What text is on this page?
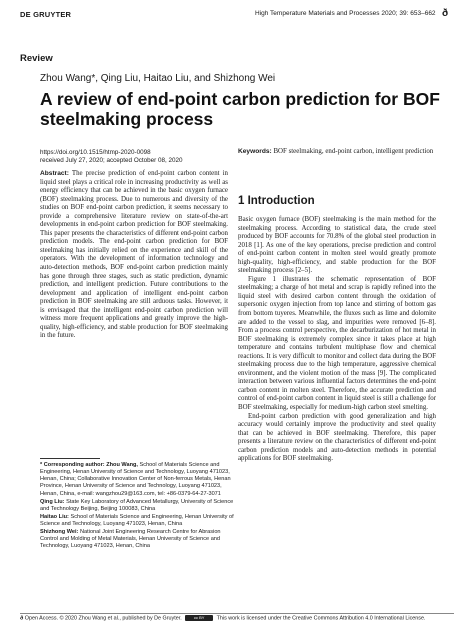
DE GRUYTER	High Temperature Materials and Processes 2020; 39: 653–662 ð
Review
Zhou Wang*, Qing Liu, Haitao Liu, and Shizhong Wei
A review of end-point carbon prediction for BOF steelmaking process
https://doi.org/10.1515/htmp-2020-0098
received July 27, 2020; accepted October 08, 2020
Keywords: BOF steelmaking, end-point carbon, intelligent prediction
Abstract: The precise prediction of end-point carbon content in liquid steel plays a critical role in increasing productivity as well as energy efficiency that can be achieved in the basic oxygen furnace (BOF) steelmaking process. Due to numerous and diversity of the studies on BOF end-point carbon prediction, it seems necessary to provide a comprehensive literature review on state-of-the-art developments in end-point carbon prediction for BOF steelmaking. This paper presents the characteristics of different end-point carbon prediction models. The end-point carbon prediction for BOF steelmaking has initially relied on the experience and skill of the operators. With the development of information technology and auto-detection methods, BOF end-point carbon prediction mainly has gone through three stages, such as static prediction, dynamic prediction, and intelligent prediction. Future contributions to the development and application of intelligent end-point carbon prediction in BOF steelmaking are still arduous tasks. However, it is envisaged that the intelligent end-point carbon prediction will witness more frequent applications and greatly improve the high-quality, high-efficiency, and stable production for BOF steelmaking in the future.
* Corresponding author: Zhou Wang, School of Materials Science and Engineering, Henan University of Science and Technology, Luoyang 471023, Henan, China; Collaborative Innovation Center of Non-ferrous Metals, Henan Province, Henan University of Science and Technology, Luoyang 471023, Henan, China, e-mail: wangzhou29@163.com, tel: +86-0379-64-27-3071
Qing Liu: State Key Laboratory of Advanced Metallurgy, University of Science and Technology Beijing, Beijing 100083, China
Haitao Liu: School of Materials Science and Engineering, Henan University of Science and Technology, Luoyang 471023, Henan, China
Shizhong Wei: National Joint Engineering Research Centre for Abrasion Control and Molding of Metal Materials, Henan University of Science and Technology, Luoyang 471023, Henan, China
1 Introduction

Basic oxygen furnace (BOF) steelmaking is the main method for the steelmaking process. According to statistical data, the crude steel produced by BOF accounts for 70.8% of the global steel production in 2018 [1]. As one of the key operations, precise prediction and control of end-point carbon content in molten steel would greatly promote high-quality, high-efficiency, and stable production for the BOF steelmaking process [2–5].

Figure 1 illustrates the schematic representation of BOF steelmaking; a charge of hot metal and scrap is rapidly refined into the liquid steel with desired carbon content through the oxidation of supersonic oxygen injection from top lance and stirring of bottom gas from bottom tuyeres. Meanwhile, the fluxes such as lime and dolomite are added to the vessel to slag, and impurities were removed [6–8]. From a process control perspective, the decarburization of hot metal in BOF steelmaking is extremely complex since it takes place at high temperature and contains turbulent multiphase flow and chemical reactions. It is very difficult to monitor and collect data during the BOF steelmaking process due to the high temperature, aggressive chemical environment, and the violent motion of the mass [9]. The complicated interaction between various influential factors determines the end-point carbon content in molten steel. Therefore, the accurate prediction and control of end-point carbon content in liquid steel is still a challenge for BOF steelmaking, especially for medium-high carbon steel smelting.

End-point carbon prediction with good generalization and high accuracy would certainly improve the productivity and steel quality that can be achieved in BOF steelmaking. Therefore, this paper presents a literature review on the characteristics of different end-point carbon prediction models and auto-detection methods in potential applications for BOF steelmaking.

ð Open Access. © 2020 Zhou Wang et al., published by De Gruyter.	cc BY This work is licensed under the Creative Commons Attribution 4.0 International License.
